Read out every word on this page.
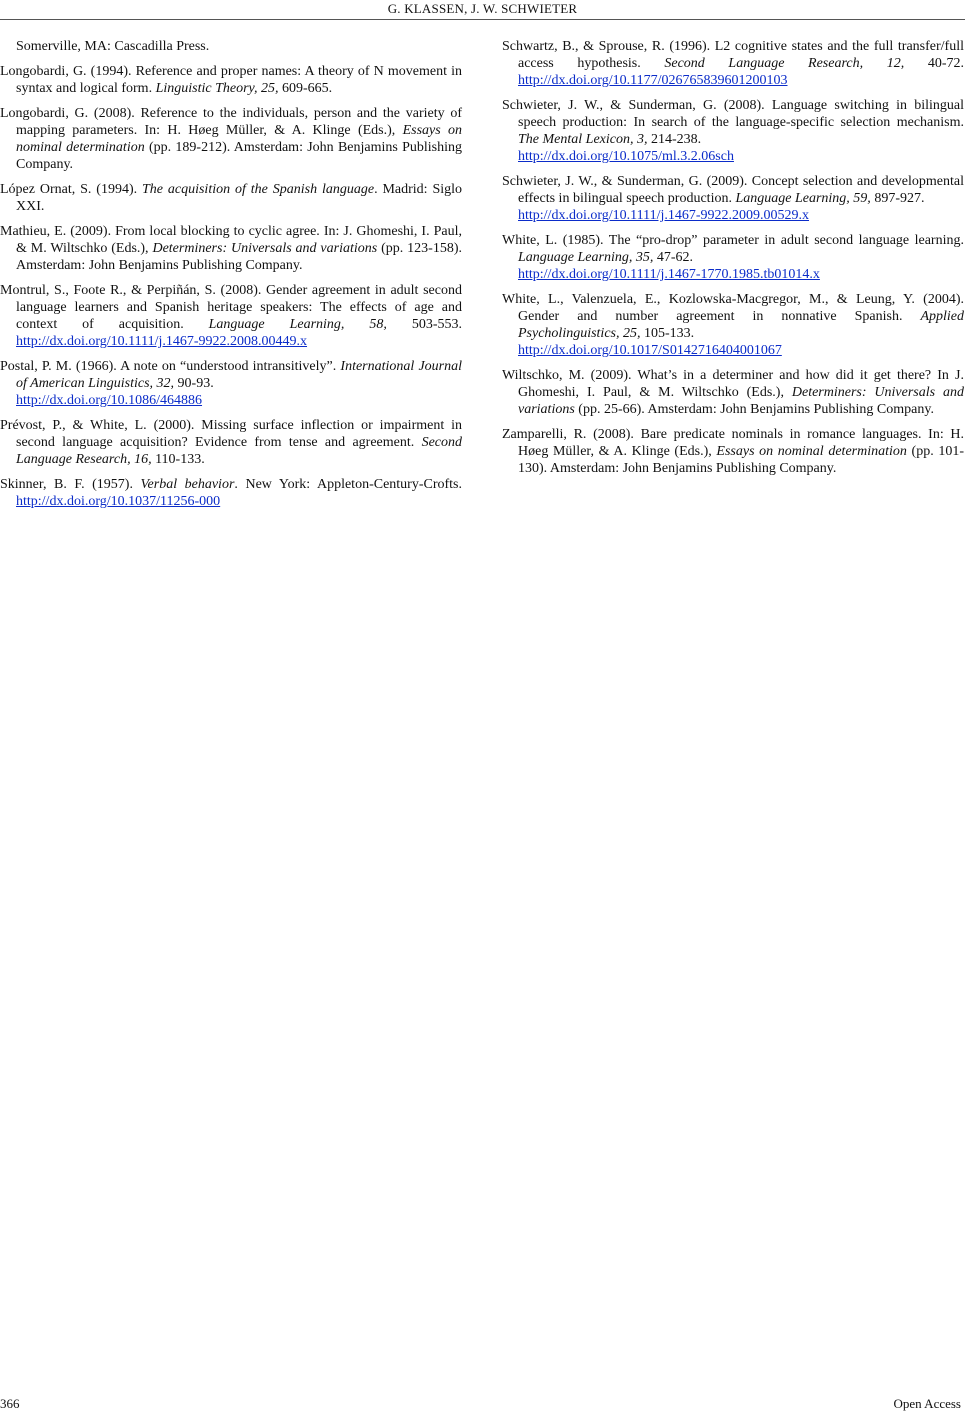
G. KLASSEN, J. W. SCHWIETER

Somerville, MA: Cascadilla Press.

Longobardi, G. (1994). Reference and proper names: A theory of N movement in syntax and logical form. Linguistic Theory, 25, 609-665.

Longobardi, G. (2008). Reference to the individuals, person and the variety of mapping parameters. In: H. Høeg Müller, & A. Klinge (Eds.), Essays on nominal determination (pp. 189-212). Amsterdam: John Benjamins Publishing Company.

López Ornat, S. (1994). The acquisition of the Spanish language. Madrid: Siglo XXI.

Mathieu, E. (2009). From local blocking to cyclic agree. In: J. Ghomeshi, I. Paul, & M. Wiltschko (Eds.), Determiners: Universals and variations (pp. 123-158). Amsterdam: John Benjamins Publishing Company.

Montrul, S., Foote R., & Perpiñán, S. (2008). Gender agreement in adult second language learners and Spanish heritage speakers: The effects of age and context of acquisition. Language Learning, 58, 503-553. http://dx.doi.org/10.1111/j.1467-9922.2008.00449.x

Postal, P. M. (1966). A note on “understood intransitively”. International Journal of American Linguistics, 32, 90-93.
http://dx.doi.org/10.1086/464886

Prévost, P., & White, L. (2000). Missing surface inflection or impairment in second language acquisition? Evidence from tense and agreement. Second Language Research, 16, 110-133.

Skinner, B. F. (1957). Verbal behavior. New York: Appleton-Century-Crofts. http://dx.doi.org/10.1037/11256-000

Schwartz, B., & Sprouse, R. (1996). L2 cognitive states and the full transfer/full access hypothesis. Second Language Research, 12, 40-72. http://dx.doi.org/10.1177/026765839601200103

Schwieter, J. W., & Sunderman, G. (2008). Language switching in bilingual speech production: In search of the language-specific selection mechanism. The Mental Lexicon, 3, 214-238.
http://dx.doi.org/10.1075/ml.3.2.06sch

Schwieter, J. W., & Sunderman, G. (2009). Concept selection and developmental effects in bilingual speech production. Language Learning, 59, 897-927.
http://dx.doi.org/10.1111/j.1467-9922.2009.00529.x

White, L. (1985). The “pro-drop” parameter in adult second language learning. Language Learning, 35, 47-62.
http://dx.doi.org/10.1111/j.1467-1770.1985.tb01014.x

White, L., Valenzuela, E., Kozlowska-Macgregor, M., & Leung, Y. (2004). Gender and number agreement in nonnative Spanish. Applied Psycholinguistics, 25, 105-133.
http://dx.doi.org/10.1017/S0142716404001067

Wiltschko, M. (2009). What’s in a determiner and how did it get there? In J. Ghomeshi, I. Paul, & M. Wiltschko (Eds.), Determiners: Universals and variations (pp. 25-66). Amsterdam: John Benjamins Publishing Company.

Zamparelli, R. (2008). Bare predicate nominals in romance languages. In: H. Høeg Müller, & A. Klinge (Eds.), Essays on nominal determination (pp. 101-130). Amsterdam: John Benjamins Publishing Company.

366	Open Access
